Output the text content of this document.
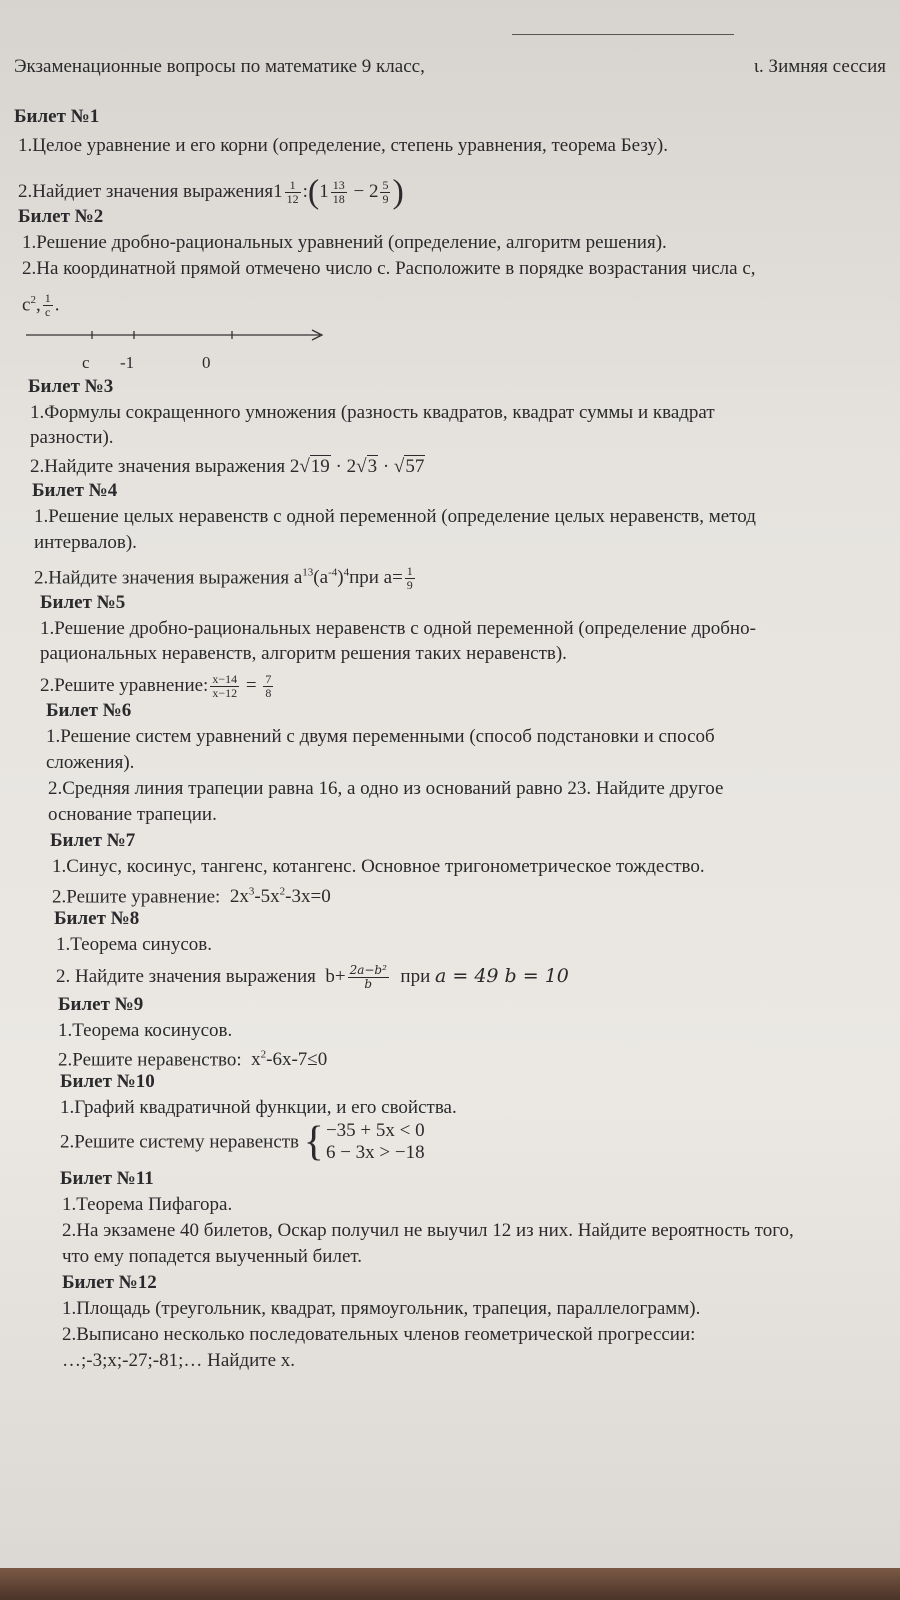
Экзаменационные вопросы по математике 9 класс,	ι. Зимняя сессия
Билет №1
1.Целое уравнение и его корни (определение, степень уравнения, теорема Безу).
2.Найдиет значения выражения1 $\frac{1}{12}$ :(1 $\frac{13}{18} - 2 \frac{5}{9}$ )
Билет №2
1.Решение дробно-рациональных уравнений (определение, алгоритм решения).
2.На координатной прямой отмечено число с. Расположите в порядке возрастания числа с,
$с^2$, $\frac{1}{с}$ .
с -1	0
Билет №3
1.Формулы сокращенного умножения (разность квадратов, квадрат суммы и квадрат
разности).
2.Найдите значения выражения 2√19 · 2√3 · √57
Билет №4
1.Решение целых неравенств с одной переменной (определение целых неравенств, метод
интервалов).
2.Найдите значения выражения $a^{13}(a^{-4})^4при$ $a= \frac{1}{9}$
Билет №5
1.Решение дробно-рациональных неравенств с одной переменной (определение дробно-
рациональных неравенств, алгоритм решения таких неравенств).
2.Решите уравнение: $\frac{x-14}{x-12} = \frac{7}{8}$
Билет №6
1.Решение систем уравнений с двумя переменными (способ подстановки и способ
сложения).
2.Средняя линия трапеции равна 16, а одно из оснований равно 23. Найдите другое
основание трапеции.
Билет №7
1.Синус, косинус, тангенс, котангенс. Основное тригонометрическое тождество.
2.Решите уравнение: $2x^3-5x^2-3x=0$
Билет №8
1.Теорема синусов.
2. Найдите значения выражения $b+ \frac{\text{2a−b²}}{b}$ при a = 49 b = 10
Билет №9
1.Теорема косинусов.
2.Решите неравенство: $x^2-6x-7\le 0$
Билет №10
1.Графий квадратичной функции, и его свойства.
2.Решите систему неравенств { −35 + 5x < 0
6 − 3x > −18
Билет №11
1.Теорема Пифагора.
2.На экзамене 40 билетов, Оскар получил не выучил 12 из них. Найдите вероятность того,
что ему попадется выученный билет.
Билет №12
1.Площадь (треугольник, квадрат, прямоугольник, трапеция, параллелограмм).
2.Выписано несколько последовательных членов геометрической прогрессии:
…;-3;x;-27;-81;… Найдите х.
